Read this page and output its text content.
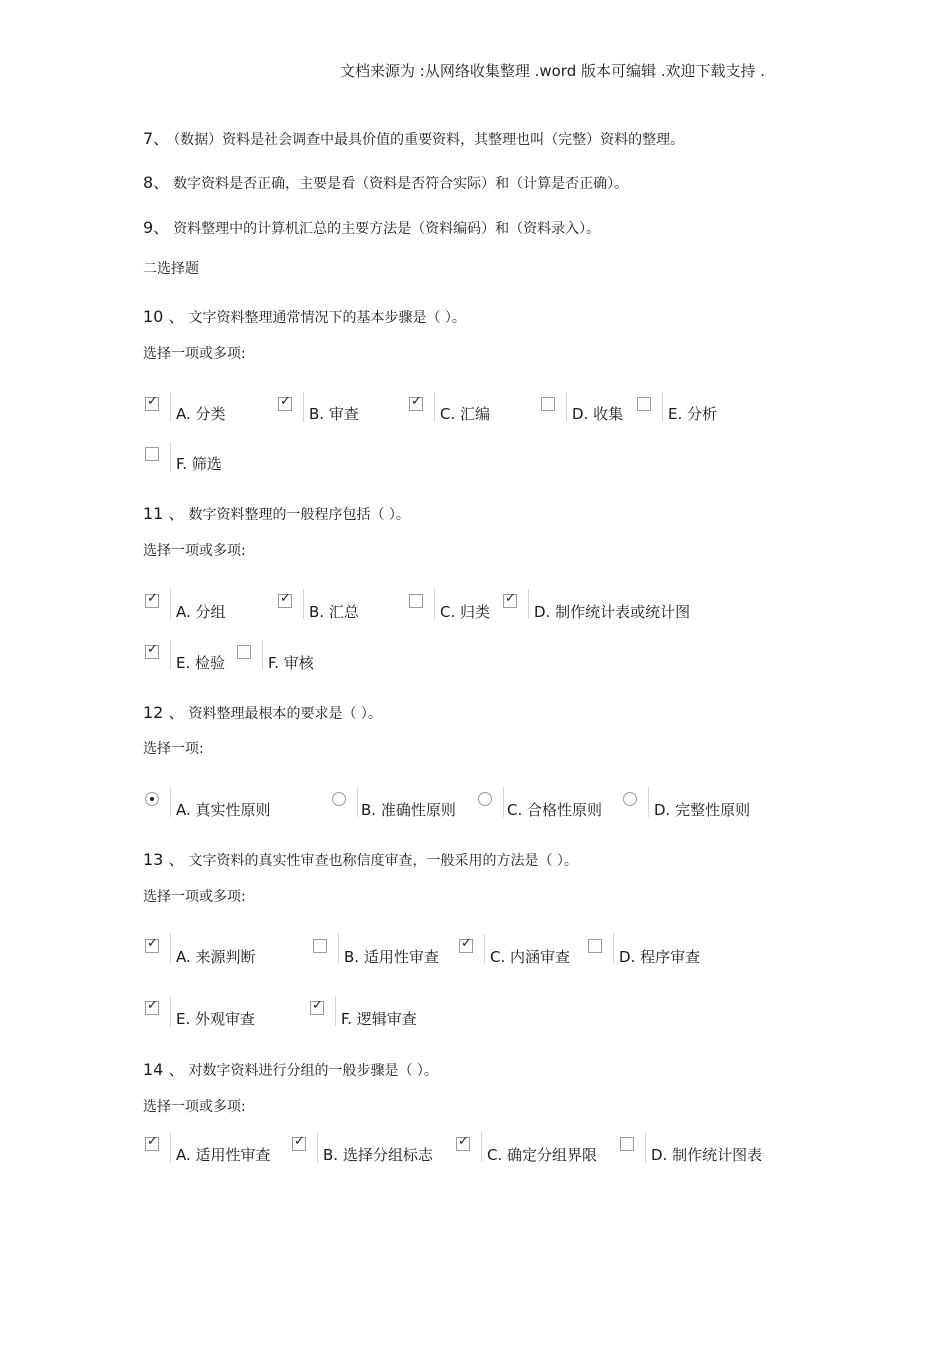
文档来源为 :从网络收集整理 .word 版本可编辑 .欢迎下载支持 .
7、 （数据）资料是社会调查中最具价值的重要资料，其整理也叫（完整）资料的整理。
8、 数字资料是否正确，主要是看（资料是否符合实际）和（计算是否正确）。
9、 资料整理中的计算机汇总的主要方法是（资料编码）和（资料录入）。
二选择题
10 、 文字资料整理通常情况下的基本步骤是（ ）。
选择一项或多项:
✓
A. 分类
✓
B. 审查
✓
C. 汇编	D. 收集	E. 分析
F. 筛选
11 、 数字资料整理的一般程序包括（ ）。
选择一项或多项:
✓
A. 分组
✓
B. 汇总	C. 归类
✓
D. 制作统计表或统计图
✓
E. 检验	F. 审核
12 、 资料整理最根本的要求是（ ）。
选择一项:
A. 真实性原则	B. 准确性原则	C. 合格性原则	D. 完整性原则
13 、 文字资料的真实性审查也称信度审查，一般采用的方法是（ ）。
选择一项或多项:
✓
A. 来源判断	B. 适用性审查
✓
C. 内涵审查	D. 程序审查
✓
E. 外观审查
✓
F. 逻辑审查
14 、 对数字资料进行分组的一般步骤是（ ）。
选择一项或多项:
✓
A. 适用性审查
✓
B. 选择分组标志
✓
C. 确定分组界限	D. 制作统计图表
